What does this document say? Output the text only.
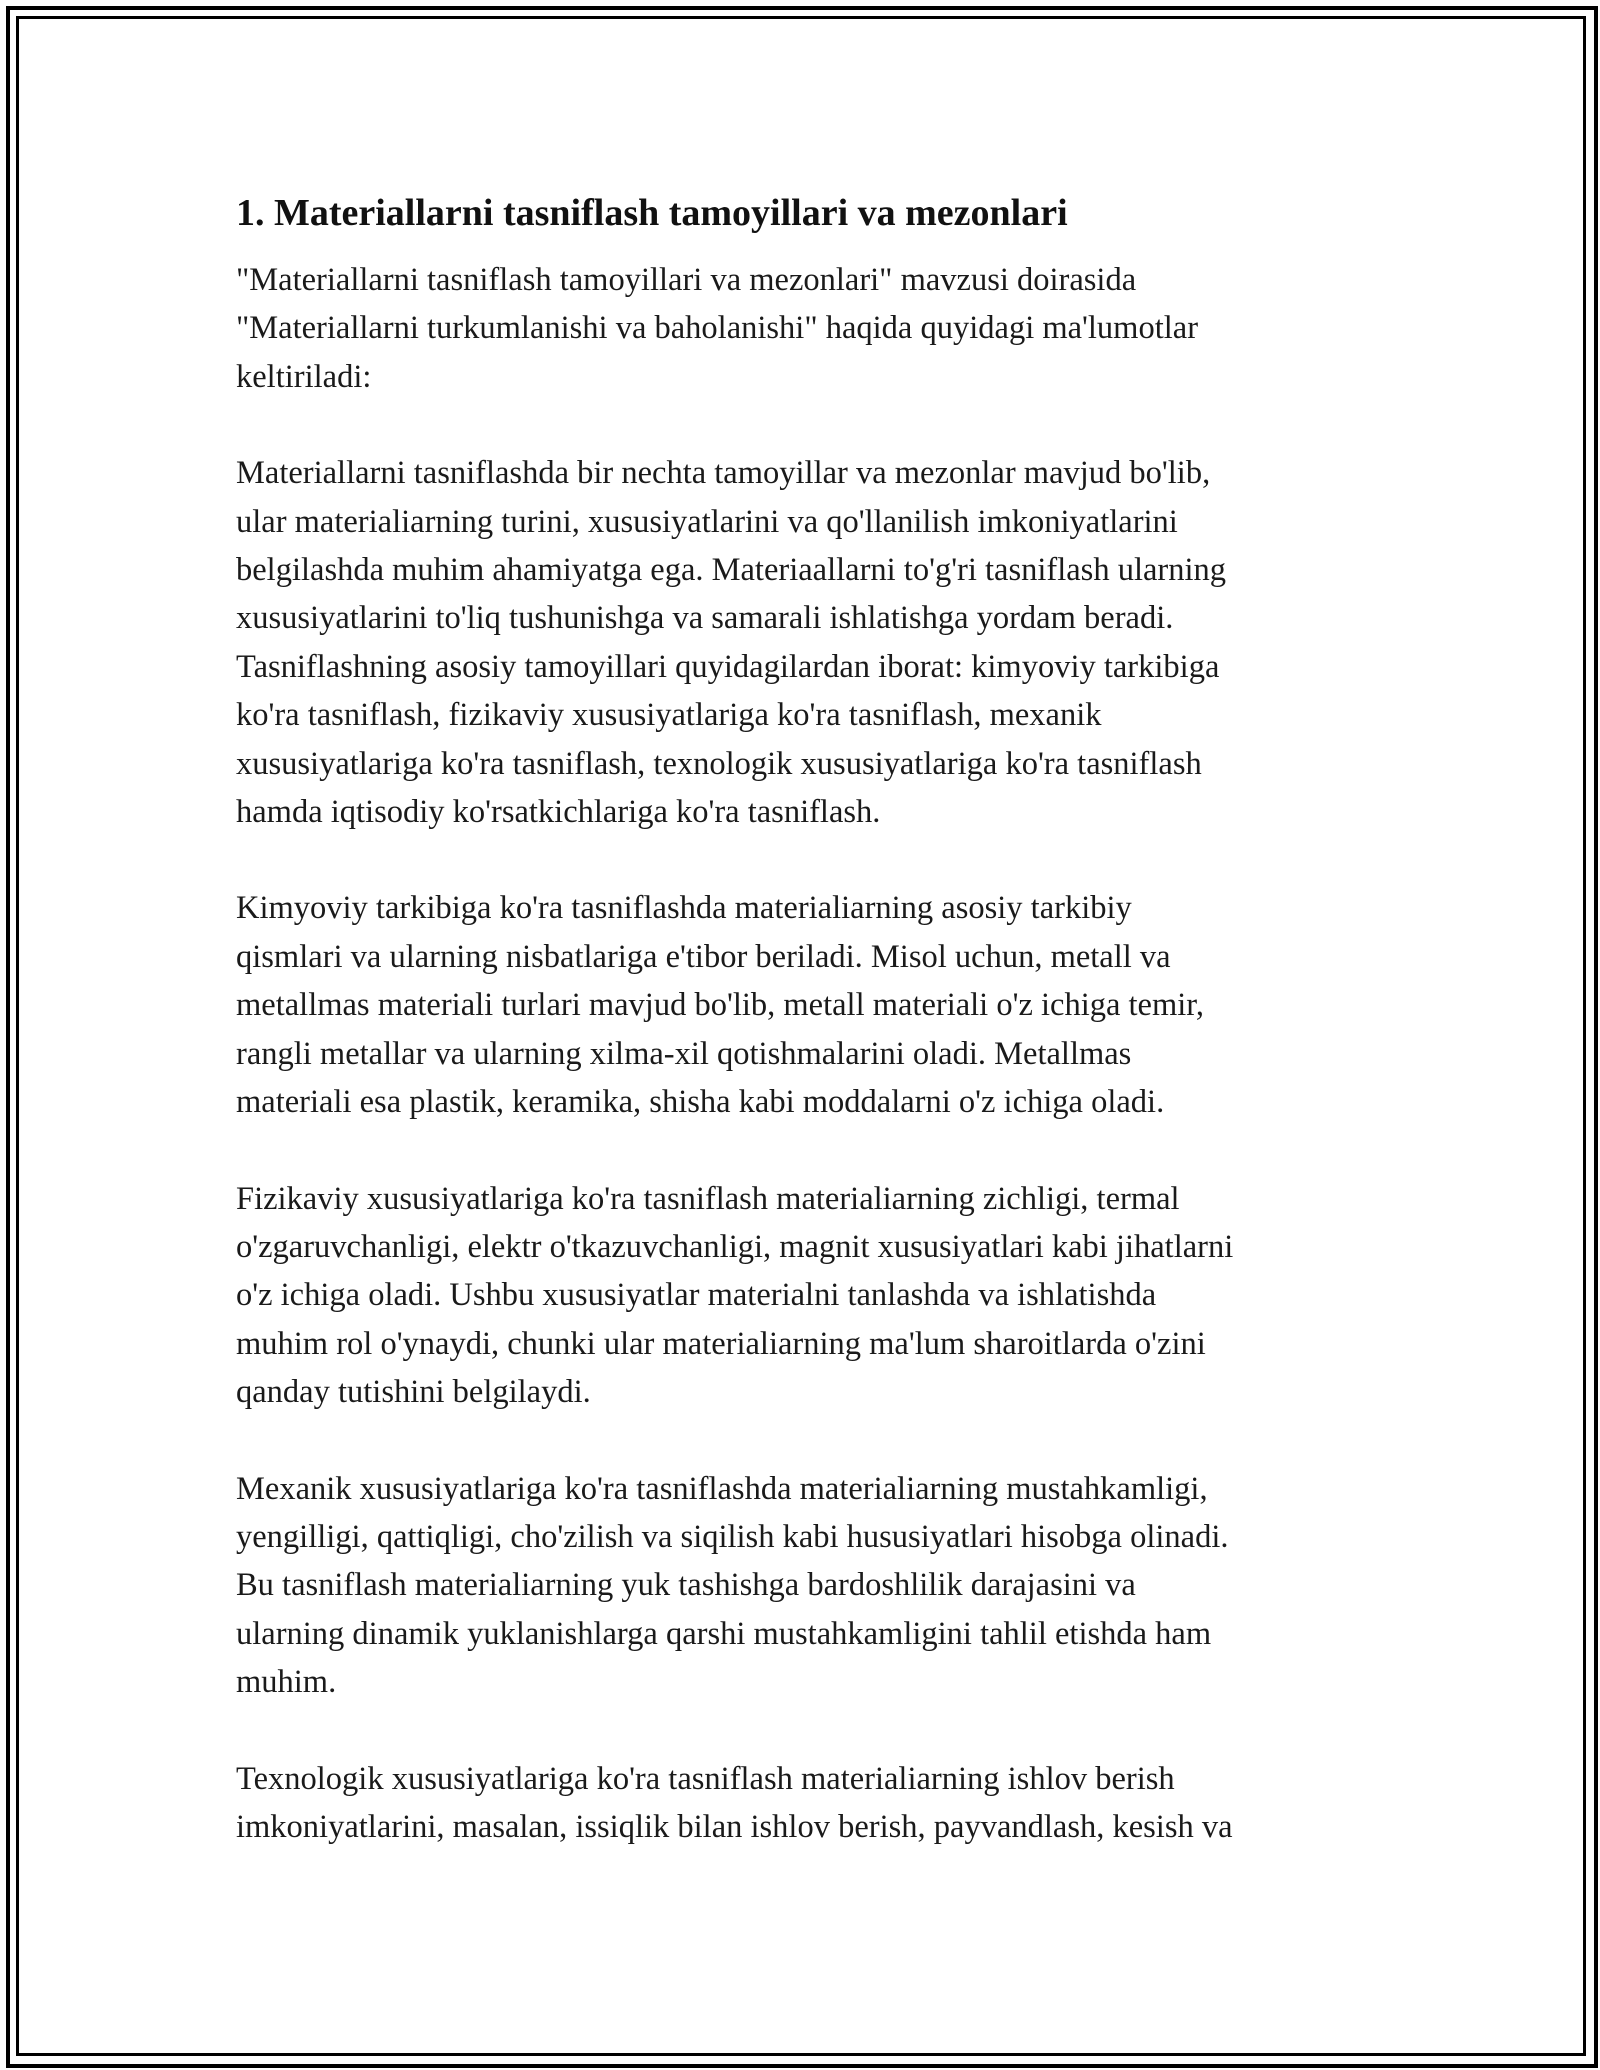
1. Materiallarni tasniflash tamoyillari va mezonlari

"Materiallarni tasniflash tamoyillari va mezonlari" mavzusi doirasida
"Materiallarni turkumlanishi va baholanishi" haqida quyidagi ma'lumotlar
keltiriladi:

Materiallarni tasniflashda bir nechta tamoyillar va mezonlar mavjud bo'lib,
ular materialiarning turini, xususiyatlarini va qo'llanilish imkoniyatlarini
belgilashda muhim ahamiyatga ega. Materiaallarni to'g'ri tasniflash ularning
xususiyatlarini to'liq tushunishga va samarali ishlatishga yordam beradi.
Tasniflashning asosiy tamoyillari quyidagilardan iborat: kimyoviy tarkibiga
ko'ra tasniflash, fizikaviy xususiyatlariga ko'ra tasniflash, mexanik
xususiyatlariga ko'ra tasniflash, texnologik xususiyatlariga ko'ra tasniflash
hamda iqtisodiy ko'rsatkichlariga ko'ra tasniflash.

Kimyoviy tarkibiga ko'ra tasniflashda materialiarning asosiy tarkibiy
qismlari va ularning nisbatlariga e'tibor beriladi. Misol uchun, metall va
metallmas materiali turlari mavjud bo'lib, metall materiali o'z ichiga temir,
rangli metallar va ularning xilma-xil qotishmalarini oladi. Metallmas
materiali esa plastik, keramika, shisha kabi moddalarni o'z ichiga oladi.

Fizikaviy xususiyatlariga ko'ra tasniflash materialiarning zichligi, termal
o'zgaruvchanligi, elektr o'tkazuvchanligi, magnit xususiyatlari kabi jihatlarni
o'z ichiga oladi. Ushbu xususiyatlar materialni tanlashda va ishlatishda
muhim rol o'ynaydi, chunki ular materialiarning ma'lum sharoitlarda o'zini
qanday tutishini belgilaydi.

Mexanik xususiyatlariga ko'ra tasniflashda materialiarning mustahkamligi,
yengilligi, qattiqligi, cho'zilish va siqilish kabi hususiyatlari hisobga olinadi.
Bu tasniflash materialiarning yuk tashishga bardoshlilik darajasini va
ularning dinamik yuklanishlarga qarshi mustahkamligini tahlil etishda ham
muhim.

Texnologik xususiyatlariga ko'ra tasniflash materialiarning ishlov berish
imkoniyatlarini, masalan, issiqlik bilan ishlov berish, payvandlash, kesish va
